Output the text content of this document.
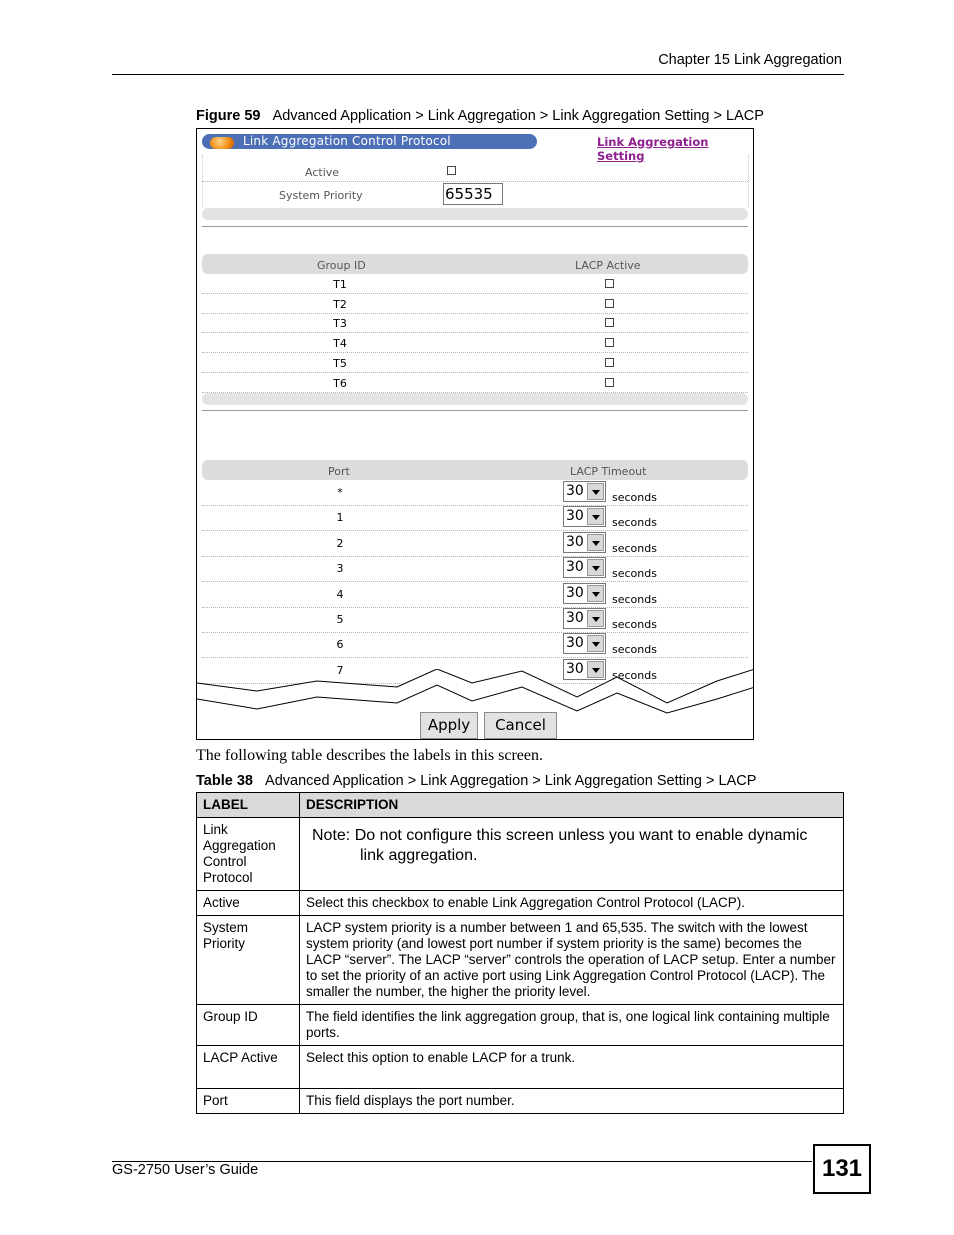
Chapter 15 Link Aggregation
Figure 59 Advanced Application > Link Aggregation > Link Aggregation Setting > LACP
Link Aggregation Control Protocol	Link Aggregation Setting
Active
System Priority	65535
Group ID	LACP Active
T1
T2
T3
T4
T5
T6
Port	LACP Timeout
*	30	seconds
1	30	seconds
2	30	seconds
3	30	seconds
4	30	seconds
5	30	seconds
6	30	seconds
7	30	seconds
Apply	Cancel
The following table describes the labels in this screen.
Table 38 Advanced Application > Link Aggregation > Link Aggregation Setting > LACP
LABEL	DESCRIPTION
Link Aggregation Control Protocol	Note: Do not configure this screen unless you want to enable dynamic link aggregation.

Active	Select this checkbox to enable Link Aggregation Control Protocol (LACP).
System Priority	LACP system priority is a number between 1 and 65,535. The switch with the lowest system priority (and lowest port number if system priority is the same) becomes the LACP “server”. The LACP “server” controls the operation of LACP setup. Enter a number to set the priority of an active port using Link Aggregation Control Protocol (LACP). The smaller the number, the higher the priority level.
Group ID	The field identifies the link aggregation group, that is, one logical link containing multiple ports.
LACP Active	Select this option to enable LACP for a trunk.
Port	This field displays the port number.
GS-2750 User’s Guide	131
